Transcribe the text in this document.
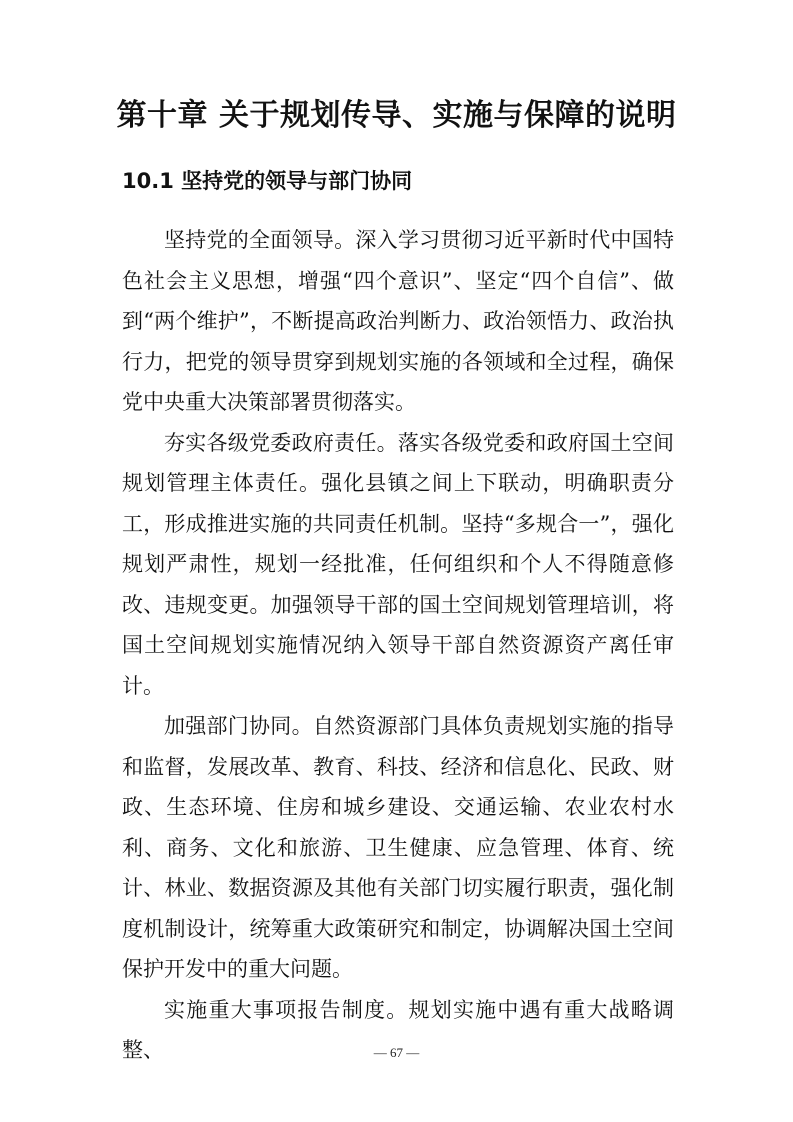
第十章 关于规划传导、实施与保障的说明
10.1 坚持党的领导与部门协同

坚持党的全面领导。深入学习贯彻习近平新时代中国特色社会主义思想，增强“四个意识”、坚定“四个自信”、做到“两个维护”，不断提高政治判断力、政治领悟力、政治执行力，把党的领导贯穿到规划实施的各领域和全过程，确保党中央重大决策部署贯彻落实。

夯实各级党委政府责任。落实各级党委和政府国土空间规划管理主体责任。强化县镇之间上下联动，明确职责分工，形成推进实施的共同责任机制。坚持“多规合一”，强化规划严肃性，规划一经批准，任何组织和个人不得随意修改、违规变更。加强领导干部的国土空间规划管理培训，将国土空间规划实施情况纳入领导干部自然资源资产离任审计。

加强部门协同。自然资源部门具体负责规划实施的指导和监督，发展改革、教育、科技、经济和信息化、民政、财政、生态环境、住房和城乡建设、交通运输、农业农村水利、商务、文化和旅游、卫生健康、应急管理、体育、统计、林业、数据资源及其他有关部门切实履行职责，强化制度机制设计，统筹重大政策研究和制定，协调解决国土空间保护开发中的重大问题。

实施重大事项报告制度。规划实施中遇有重大战略调整、	— 67 —
